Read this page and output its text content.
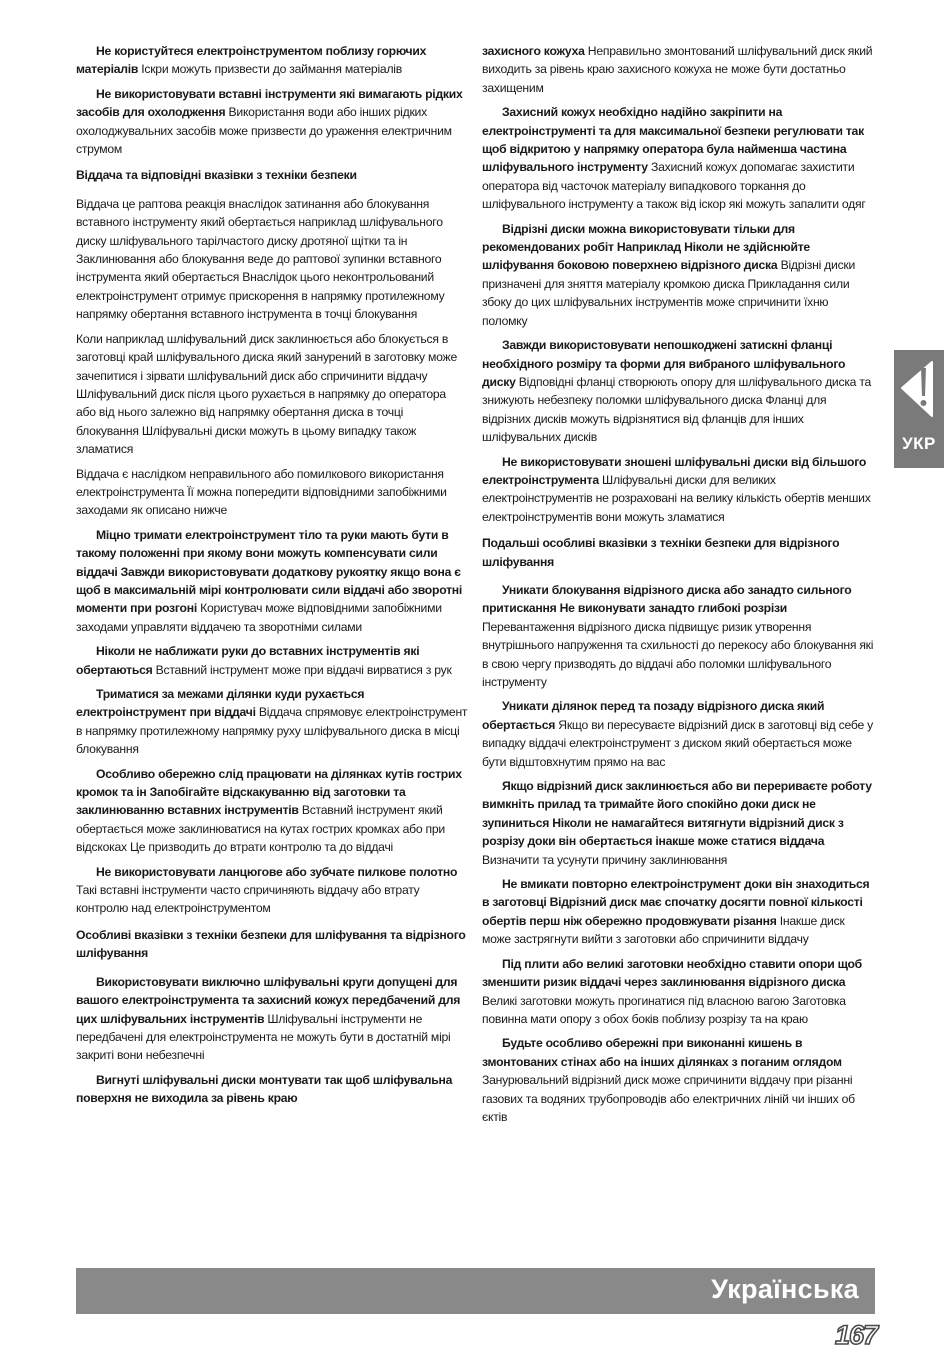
Не користуйтеся електроінструментом поблизу горючих матеріалів Іскри можуть призвести до займання матеріалів

Не використовувати вставні інструменти які вимагають рідких засобів для охолодження Використання води або інших рідких охолоджувальних засобів може призвести до ураження електричним струмом

Віддача та відповідні вказівки з техніки безпеки

Віддача це раптова реакція внаслідок затинання або блокування вставного інструменту який обертається наприклад шліфувального диску шліфувального тарілчастого диску дротяної щітки та ін Заклинювання або блокування веде до раптової зупинки вставного інструмента який обертається Внаслідок цього неконтрольований електроінструмент отримує прискорення в напрямку протилежному напрямку обертання вставного інструмента в точці блокування

Коли наприклад шліфувальний диск заклинюється або блокується в заготовці край шліфувального диска який занурений в заготовку може зачепитися і зірвати шліфувальний диск або спричинити віддачу Шліфувальний диск після цього рухається в напрямку до оператора або від нього залежно від напрямку обертання диска в точці блокування Шліфувальні диски можуть в цьому випадку також зламатися

Віддача є наслідком неправильного або помилкового використання електроінструмента Її можна попередити відповідними запобіжними заходами як описано нижче

Міцно тримати електроінструмент тіло та руки мають бути в такому положенні при якому вони можуть компенсувати сили віддачі Завжди використовувати додаткову рукоятку якщо вона є щоб в максимальній мірі контролювати сили віддачі або зворотні моменти при розгоні Користувач може відповідними запобіжними заходами управляти віддачею та зворотніми силами

Ніколи не наближати руки до вставних інструментів які обертаються Вставний інструмент може при віддачі вирватися з рук

Триматися за межами ділянки куди рухається електроінструмент при віддачі Віддача спрямовує електроінструмент в напрямку протилежному напрямку руху шліфувального диска в місці блокування

Особливо обережно слід працювати на ділянках кутів гострих кромок та ін Запобігайте відскакуванню від заготовки та заклинюванню вставних інструментів Вставний інструмент який обертається може заклинюватися на кутах гострих кромках або при відскоках Це призводить до втрати контролю та до віддачі

Не використовувати ланцюгове або зубчате пилкове полотно Такі вставні інструменти часто спричиняють віддачу або втрату контролю над електроінструментом

Особливі вказівки з техніки безпеки для шліфування та відрізного шліфування

Використовувати виключно шліфувальні круги допущені для вашого електроінструмента та захисний кожух передбачений для цих шліфувальних інструментів Шліфувальні інструменти не передбачені для електроінструмента не можуть бути в достатній мірі закриті вони небезпечні

Вигнуті шліфувальні диски монтувати так щоб шліфувальна поверхня не виходила за рівень краю

захисного кожуха Неправильно змонтований шліфувальний диск який виходить за рівень краю захисного кожуха не може бути достатньо захищеним

Захисний кожух необхідно надійно закріпити на електроінструменті та для максимальної безпеки регулювати так щоб відкритою у напрямку оператора була найменша частина шліфувального інструменту Захисний кожух допомагає захистити оператора від часточок матеріалу випадкового торкання до шліфувального інструменту а також від іскор які можуть запалити одяг

Відрізні диски можна використовувати тільки для рекомендованих робіт Наприклад Ніколи не здійснюйте шліфування боковою поверхнею відрізного диска Відрізні диски призначені для зняття матеріалу кромкою диска Прикладання сили збоку до цих шліфувальних інструментів може спричинити їхню поломку

Завжди використовувати непошкоджені затискні фланці необхідного розміру та форми для вибраного шліфувального диску Відповідні фланці створюють опору для шліфувального диска та знижують небезпеку поломки шліфувального диска Фланці для відрізних дисків можуть відрізнятися від фланців для інших шліфувальних дисків

Не використовувати зношені шліфувальні диски від більшого електроінструмента Шліфувальні диски для великих електроінструментів не розраховані на велику кількість обертів менших електроінструментів вони можуть зламатися

Подальші особливі вказівки з техніки безпеки для відрізного шліфування

Уникати блокування відрізного диска або занадто сильного притискання Не виконувати занадто глибокі розрізи Перевантаження відрізного диска підвищує ризик утворення внутрішнього напруження та схильності до перекосу або блокування які в свою чергу призводять до віддачі або поломки шліфувального інструменту

Уникати ділянок перед та позаду відрізного диска який обертається Якщо ви пересуваєте відрізний диск в заготовці від себе у випадку віддачі електроінструмент з диском який обертається може бути відштовхнутим прямо на вас

Якщо відрізний диск заклинюється або ви перериваєте роботу вимкніть прилад та тримайте його спокійно доки диск не зупиниться Ніколи не намагайтеся витягнути відрізний диск з розрізу доки він обертається інакше може статися віддача Визначити та усунути причину заклинювання

Не вмикати повторно електроінструмент доки він знаходиться в заготовці Відрізний диск має спочатку досягти повної кількості обертів перш ніж обережно продовжувати різання Інакше диск може застрягнути вийти з заготовки або спричинити віддачу

Під плити або великі заготовки необхідно ставити опори щоб зменшити ризик віддачі через заклинювання відрізного диска Великі заготовки можуть прогинатися під власною вагою Заготовка повинна мати опору з обох боків поблизу розрізу та на краю

Будьте особливо обережні при виконанні кишень в змонтованих стінах або на інших ділянках з поганим оглядом Занурювальний відрізний диск може спричинити віддачу при різанні газових та водяних трубопроводів або електричних ліній чи інших об єктів

УКР
Українська
167
